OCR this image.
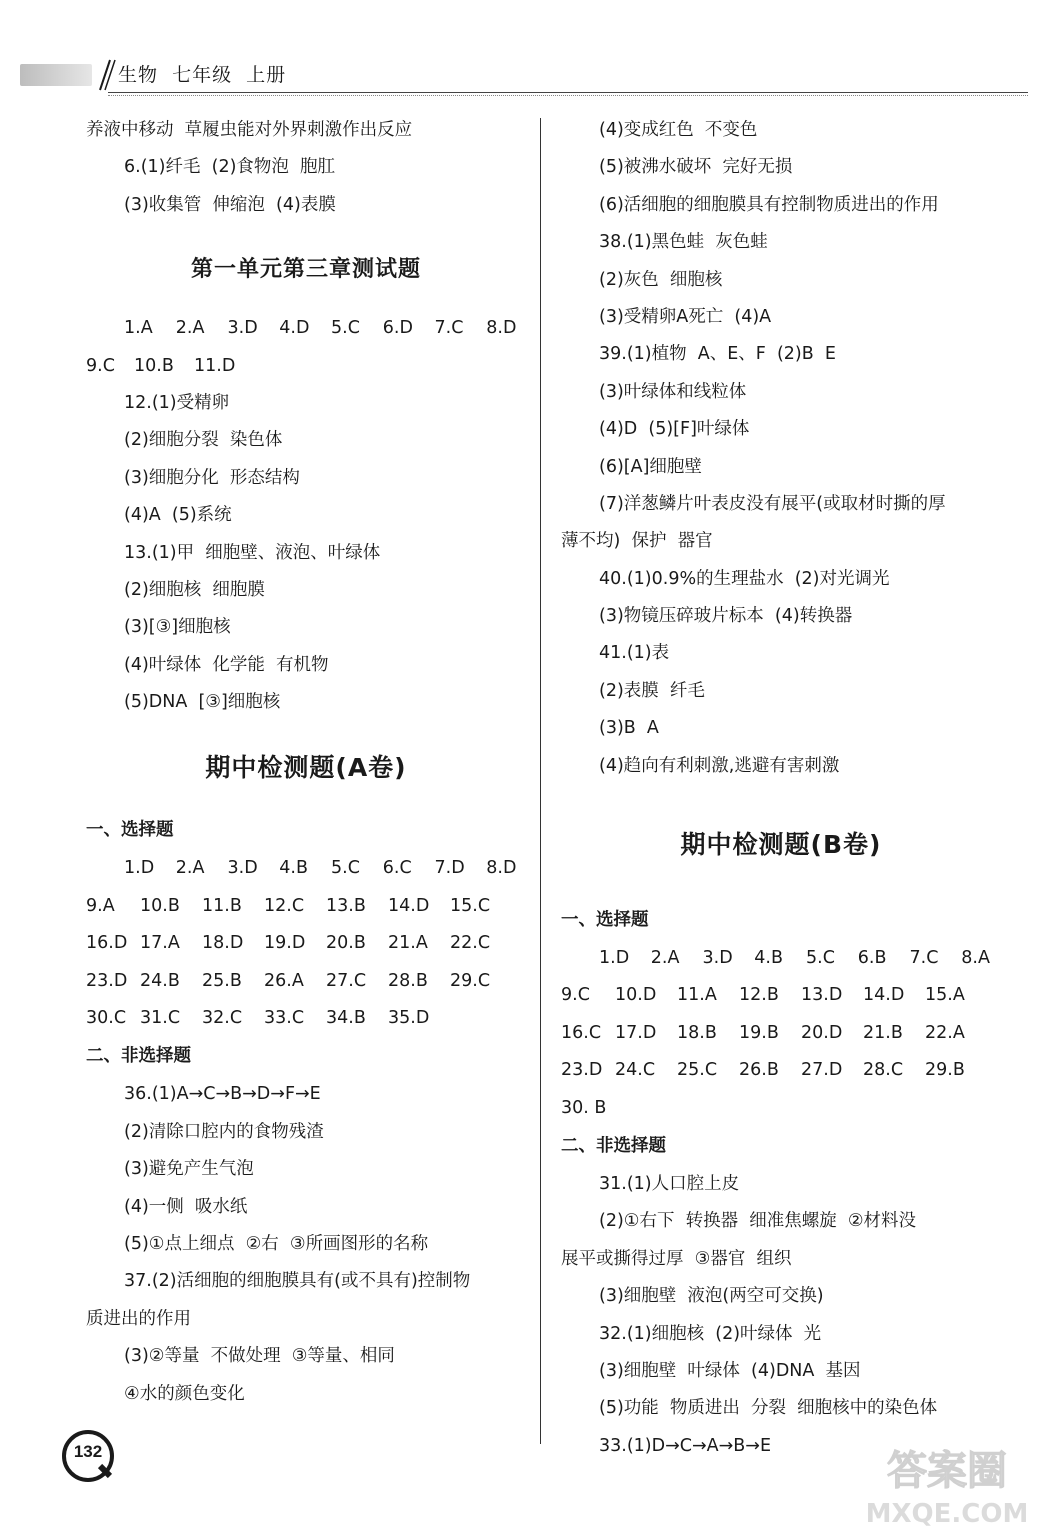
生物  七年级  上册
养液中移动  草履虫能对外界刺激作出反应
6.(1)纤毛  (2)食物泡  胞肛
(3)收集管  伸缩泡  (4)表膜
第一单元第三章测试题
1.A	2.A	3.D	4.D	5.C	6.D	7.C	8.D
9.C	10.B	11.D
12.(1)受精卵
(2)细胞分裂  染色体
(3)细胞分化  形态结构
(4)A  (5)系统
13.(1)甲  细胞壁、液泡、叶绿体
(2)细胞核  细胞膜
(3)[③]细胞核
(4)叶绿体  化学能  有机物
(5)DNA  [③]细胞核
期中检测题(A卷)
一、选择题
1.D	2.A	3.D	4.B	5.C	6.C	7.D	8.D
9.A	10.B	11.B	12.C	13.B	14.D	15.C
16.D 17.A	18.D	19.D	20.B	21.A	22.C
23.D 24.B	25.B	26.A	27.C	28.B	29.C
30.C 31.C	32.C	33.C	34.B	35.D
二、非选择题
36.(1)A→C→B→D→F→E
(2)清除口腔内的食物残渣
(3)避免产生气泡
(4)一侧  吸水纸
(5)①点上细点  ②右  ③所画图形的名称
37.(2)活细胞的细胞膜具有(或不具有)控制物
质进出的作用
(3)②等量  不做处理  ③等量、相同
④水的颜色变化
(4)变成红色  不变色
(5)被沸水破坏  完好无损
(6)活细胞的细胞膜具有控制物质进出的作用
38.(1)黑色蛙  灰色蛙
(2)灰色  细胞核
(3)受精卵A死亡  (4)A
39.(1)植物  A、E、F  (2)B  E
(3)叶绿体和线粒体
(4)D  (5)[F]叶绿体
(6)[A]细胞壁
(7)洋葱鳞片叶表皮没有展平(或取材时撕的厚
薄不均)  保护  器官
40.(1)0.9%的生理盐水  (2)对光调光
(3)物镜压碎玻片标本  (4)转换器
41.(1)表
(2)表膜  纤毛
(3)B  A
(4)趋向有利刺激,逃避有害刺激
期中检测题(B卷)
一、选择题
1.D	2.A	3.D	4.B	5.C	6.B	7.C	8.A
9.C	10.D	11.A	12.B	13.D	14.D	15.A
16.C 17.D	18.B	19.B	20.D	21.B	22.A
23.D 24.C	25.C	26.B	27.D	28.C	29.B
30. B
二、非选择题
31.(1)人口腔上皮
(2)①右下  转换器  细准焦螺旋  ②材料没
展平或撕得过厚  ③器官  组织
(3)细胞壁  液泡(两空可交换)
32.(1)细胞核  (2)叶绿体  光
(3)细胞壁  叶绿体  (4)DNA  基因
(5)功能  物质进出  分裂  细胞核中的染色体
33.(1)D→C→A→B→E
132	答案圈
MXQE.COM
